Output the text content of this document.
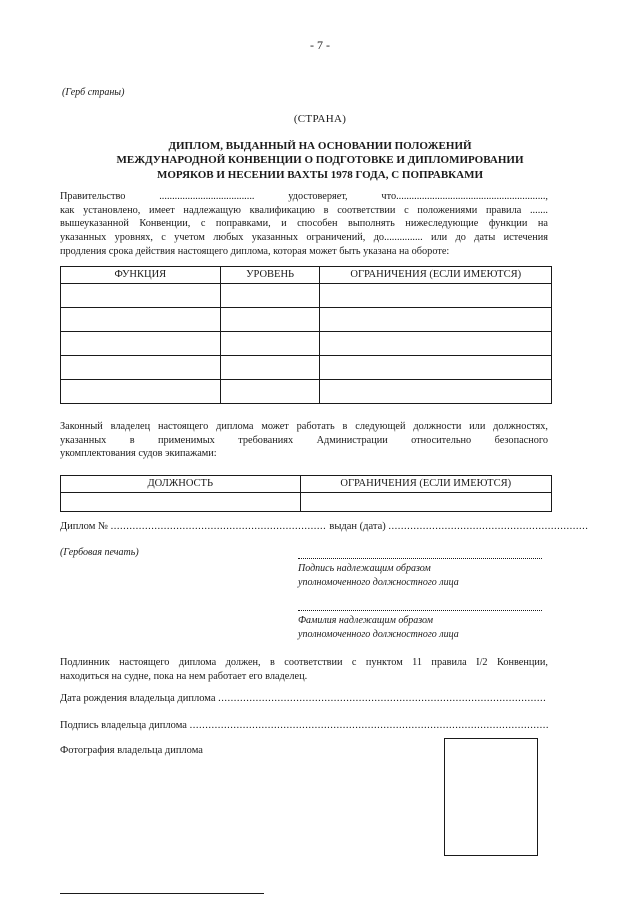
- 7 -
(Герб страны)
(СТРАНА)
ДИПЛОМ, ВЫДАННЫЙ НА ОСНОВАНИИ ПОЛОЖЕНИЙ
МЕЖДУНАРОДНОЙ КОНВЕНЦИИ О ПОДГОТОВКЕ И ДИПЛОМИРОВАНИИ
МОРЯКОВ И НЕСЕНИИ ВАХТЫ 1978 ГОДА, С ПОПРАВКАМИ
Правительство ..................................... удостоверяет, что..........................................................,
как установлено, имеет надлежащую квалификацию в соответствии с положениями правила .......
вышеуказанной Конвенции, с поправками, и способен выполнять нижеследующие функции на
указанных уровнях, с учетом любых указанных ограничений, до............... или до даты истечения
продления срока действия настоящего диплома, которая может быть указана на обороте:
ФУНКЦИЯ	УРОВЕНЬ	ОГРАНИЧЕНИЯ (ЕСЛИ ИМЕЮТСЯ)

Законный владелец настоящего диплома может работать в следующей должности или должностях,
указанных в применимых требованиях Администрации относительно безопасного
укомплектования судов экипажами:
ДОЛЖНОСТЬ	ОГРАНИЧЕНИЯ (ЕСЛИ ИМЕЮТСЯ)

Диплом № ..................................................................... выдан (дата) ................................................................
(Гербовая печать)
Подпись надлежащим образом
уполномоченного должностного лица
Фамилия надлежащим образом
уполномоченного должностного лица
Подлинник настоящего диплома должен, в соответствии с пунктом 11 правила I/2 Конвенции,
находиться на судне, пока на нем работает его владелец.
Дата рождения владельца диплома .........................................................................................................
Подпись владельца диплома ...................................................................................................................
Фотография владельца диплома
